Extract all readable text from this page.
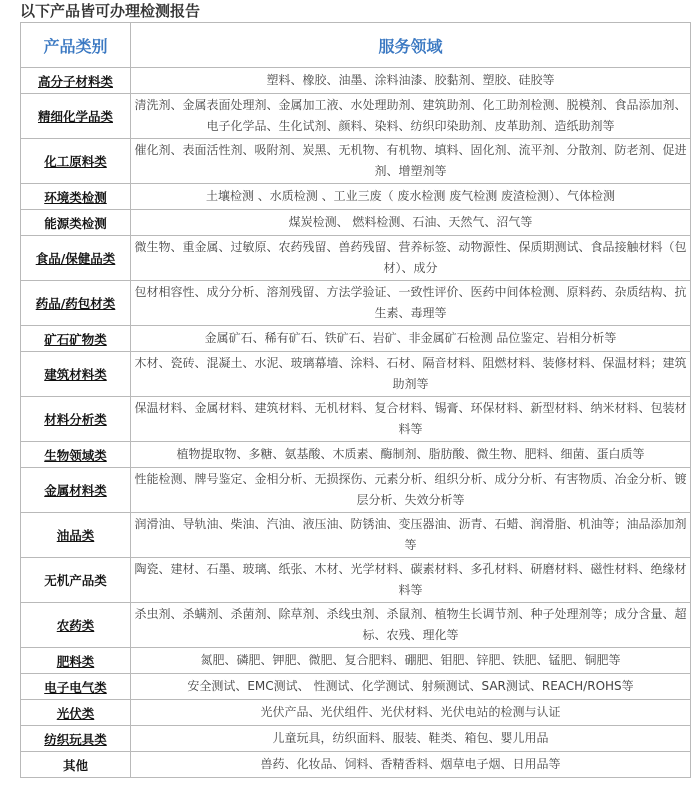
以下产品皆可办理检测报告
产品类别	服务领域
高分子材料类	塑料、橡胶、油墨、涂料油漆、胶黏剂、塑胶、硅胶等
精细化学品类	清洗剂、金属表面处理剂、金属加工液、水处理助剂、建筑助剂、化工助剂检测、脱模剂、食品添加剂、电子化学品、生化试剂、颜料、染料、纺织印染助剂、皮革助剂、造纸助剂等
化工原料类	催化剂、表面活性剂、吸附剂、炭黑、无机物、有机物、填料、固化剂、流平剂、分散剂、防老剂、促进剂、增塑剂等
环境类检测	土壤检测 、水质检测 、工业三废（ 废水检测 废气检测 废渣检测）、气体检测
能源类检测	煤炭检测、 燃料检测、石油、天然气、沼气等
食品/保健品类	微生物、重金属、过敏原、农药残留、兽药残留、营养标签、动物源性、保质期测试、食品接触材料（包材）、成分
药品/药包材类	包材相容性、成分分析、溶剂残留、方法学验证、一致性评价、医药中间体检测、原料药、杂质结构、抗生素、毒理等
矿石矿物类	金属矿石、稀有矿石、铁矿石、岩矿、非金属矿石检测 品位鉴定、岩相分析等
建筑材料类	木材、瓷砖、混凝土、水泥、玻璃幕墙、涂料、石材、隔音材料、阻燃材料、装修材料、保温材料；建筑助剂等
材料分析类	保温材料、金属材料、建筑材料、无机材料、复合材料、锡膏、环保材料、新型材料、纳米材料、包装材料等
生物领域类	植物提取物、多糖、氨基酸、木质素、酶制剂、脂肪酸、微生物、肥料、细菌、蛋白质等
金属材料类	性能检测、牌号鉴定、金相分析、无损探伤、元素分析、组织分析、成分分析、有害物质、冶金分析、镀层分析、失效分析等
油品类	润滑油、导轨油、柴油、汽油、液压油、防锈油、变压器油、沥青、石蜡、润滑脂、机油等；油品添加剂等
无机产品类	陶瓷、建材、石墨、玻璃、纸张、木材、光学材料、碳素材料、多孔材料、研磨材料、磁性材料、绝缘材料等
农药类	杀虫剂、杀螨剂、杀菌剂、除草剂、杀线虫剂、杀鼠剂、植物生长调节剂、种子处理剂等；成分含量、超标、农残、理化等
肥料类	氮肥、磷肥、钾肥、微肥、复合肥料、硼肥、钼肥、锌肥、铁肥、锰肥、铜肥等
电子电气类	安全测试、EMC测试、 性测试、化学测试、射频测试、SAR测试、REACH/ROHS等
光伏类	光伏产品、光伏组件、光伏材料、光伏电站的检测与认证
纺织玩具类	儿童玩具，纺织面料、服装、鞋类、箱包、婴儿用品
其他	兽药、化妆品、饲料、香精香料、烟草电子烟、日用品等
